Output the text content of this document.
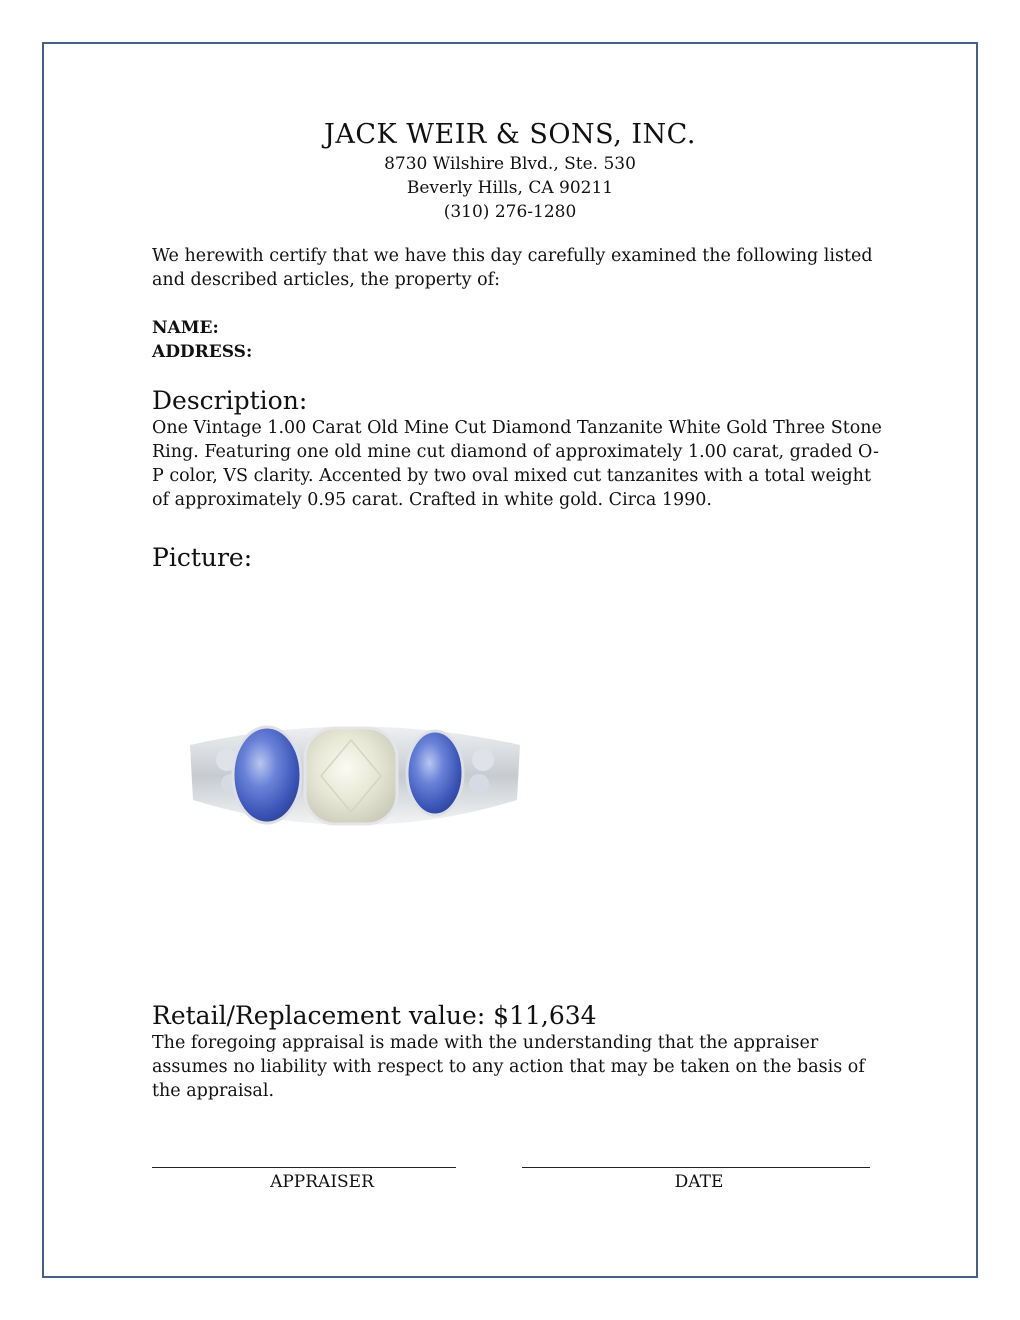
JACK WEIR & SONS, INC.
8730 Wilshire Blvd., Ste. 530
Beverly Hills, CA 90211
(310) 276-1280
We herewith certify that we have this day carefully examined the following listed and described articles, the property of:
NAME:
ADDRESS:
Description:
One Vintage 1.00 Carat Old Mine Cut Diamond Tanzanite White Gold Three Stone Ring. Featuring one old mine cut diamond of approximately 1.00 carat, graded O-P color, VS clarity. Accented by two oval mixed cut tanzanites with a total weight of approximately 0.95 carat. Crafted in white gold. Circa 1990.
Picture:
Retail/Replacement value: $11,634
The foregoing appraisal is made with the understanding that the appraiser assumes no liability with respect to any action that may be taken on the basis of the appraisal.
APPRAISER	DATE
